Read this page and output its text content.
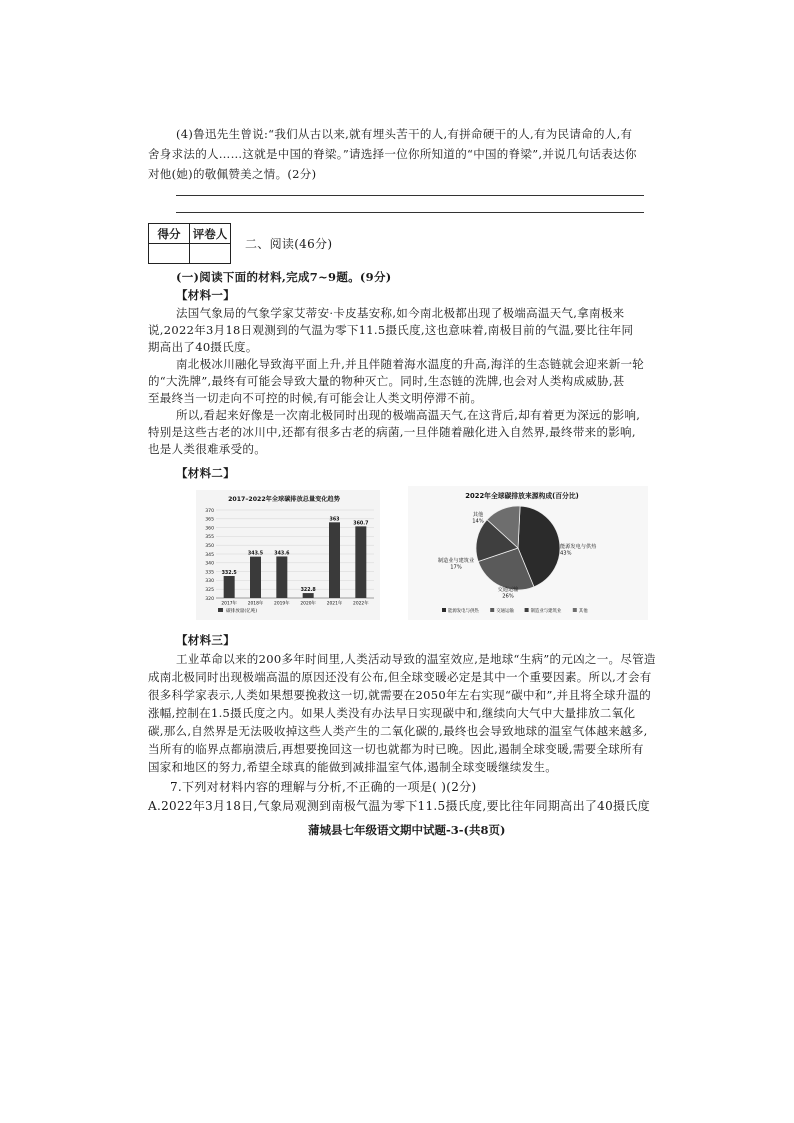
(4)鲁迅先生曾说:“我们从古以来,就有埋头苦干的人,有拼命硬干的人,有为民请命的人,有
舍身求法的人……这就是中国的脊梁。”请选择一位你所知道的“中国的脊梁”,并说几句话表达你
对他(她)的敬佩赞美之情。(2分)
得分	评卷人

二、阅读(46分)
(一)阅读下面的材料,完成7~9题。(9分)
【材料一】
法国气象局的气象学家艾蒂安·卡皮基安称,如今南北极都出现了极端高温天气,拿南极来
说,2022年3月18日观测到的气温为零下11.5摄氏度,这也意味着,南极目前的气温,要比往年同
期高出了40摄氏度。
南北极冰川融化导致海平面上升,并且伴随着海水温度的升高,海洋的生态链就会迎来新一轮
的“大洗牌”,最终有可能会导致大量的物种灭亡。同时,生态链的洗牌,也会对人类构成威胁,甚
至最终当一切走向不可控的时候,有可能会让人类文明停滞不前。
所以,看起来好像是一次南北极同时出现的极端高温天气,在这背后,却有着更为深远的影响,
特别是这些古老的冰川中,还都有很多古老的病菌,一旦伴随着融化进入自然界,最终带来的影响,
也是人类很难承受的。
【材料二】
2017–2022年全球碳排放总量变化趋势
370
365
360
355
350
345
340
335
330
325
320
332.5
2017年
343.5
2018年
343.6
2019年
322.8
2020年
363
2021年
360.7
2022年
碳排放量(亿吨)
2022年全球碳排放来源构成(百分比)
能源发电与供热
43%
交通运输
26%
制造业与建筑业
17%
其他
14%
能源发电与供热	交通运输	制造业与建筑业	其他
【材料三】
工业革命以来的200多年时间里,人类活动导致的温室效应,是地球“生病”的元凶之一。尽管造
成南北极同时出现极端高温的原因还没有公布,但全球变暖必定是其中一个重要因素。所以,才会有
很多科学家表示,人类如果想要挽救这一切,就需要在2050年左右实现“碳中和”,并且将全球升温的
涨幅,控制在1.5摄氏度之内。如果人类没有办法早日实现碳中和,继续向大气中大量排放二氧化
碳,那么,自然界是无法吸收掉这些人类产生的二氧化碳的,最终也会导致地球的温室气体越来越多,
当所有的临界点都崩溃后,再想要挽回这一切也就都为时已晚。因此,遏制全球变暖,需要全球所有
国家和地区的努力,希望全球真的能做到减排温室气体,遏制全球变暖继续发生。
7.下列对材料内容的理解与分析,不正确的一项是( )(2分)
A.2022年3月18日,气象局观测到南极气温为零下11.5摄氏度,要比往年同期高出了40摄氏度
蒲城县七年级语文期中试题-3-(共8页)
